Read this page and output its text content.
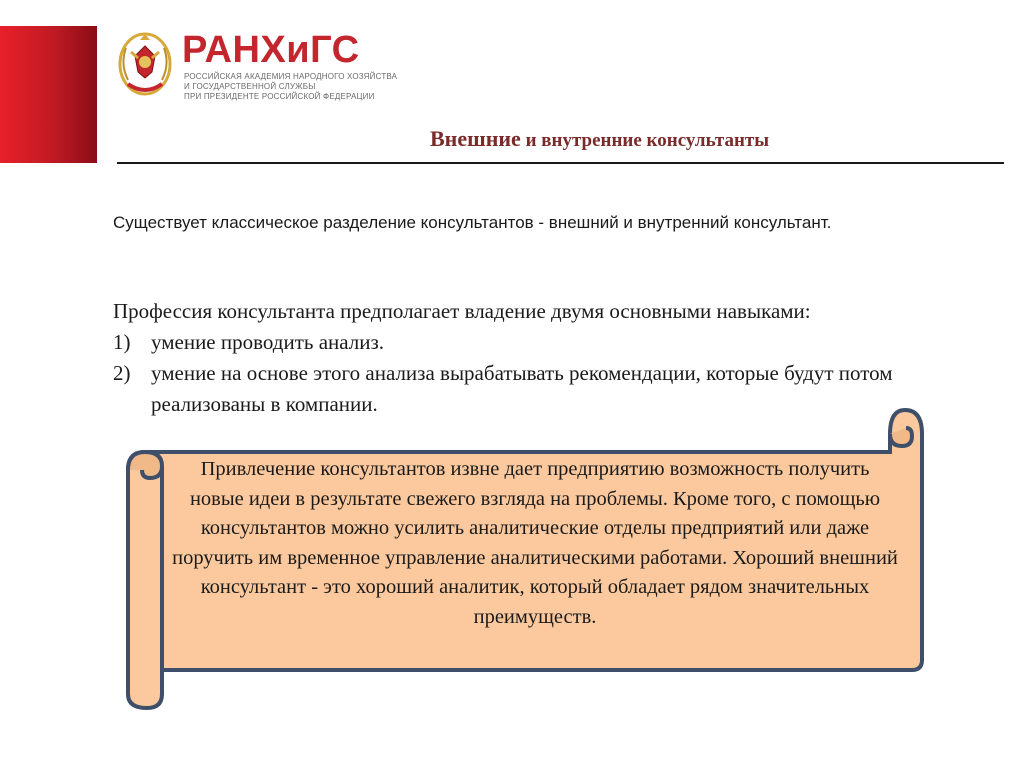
РАНХиГС
РОССИЙСКАЯ АКАДЕМИЯ НАРОДНОГО ХОЗЯЙСТВА
И ГОСУДАРСТВЕННОЙ СЛУЖБЫ
ПРИ ПРЕЗИДЕНТЕ РОССИЙСКОЙ ФЕДЕРАЦИИ
Внешние и внутренние консультанты
Существует классическое разделение консультантов - внешний и внутренний консультант.
Профессия консультанта предполагает владение двумя основными навыками:
1) умение проводить анализ.
2) умение на основе этого анализа вырабатывать рекомендации, которые будут потом реализованы в компании.
Привлечение консультантов извне дает предприятию возможность получить новые идеи в результате свежего взгляда на проблемы. Кроме того, с помощью консультантов можно усилить аналитические отделы предприятий или даже поручить им временное управление аналитическими работами. Хороший внешний консультант - это хороший аналитик, который обладает рядом значительных преимуществ.
